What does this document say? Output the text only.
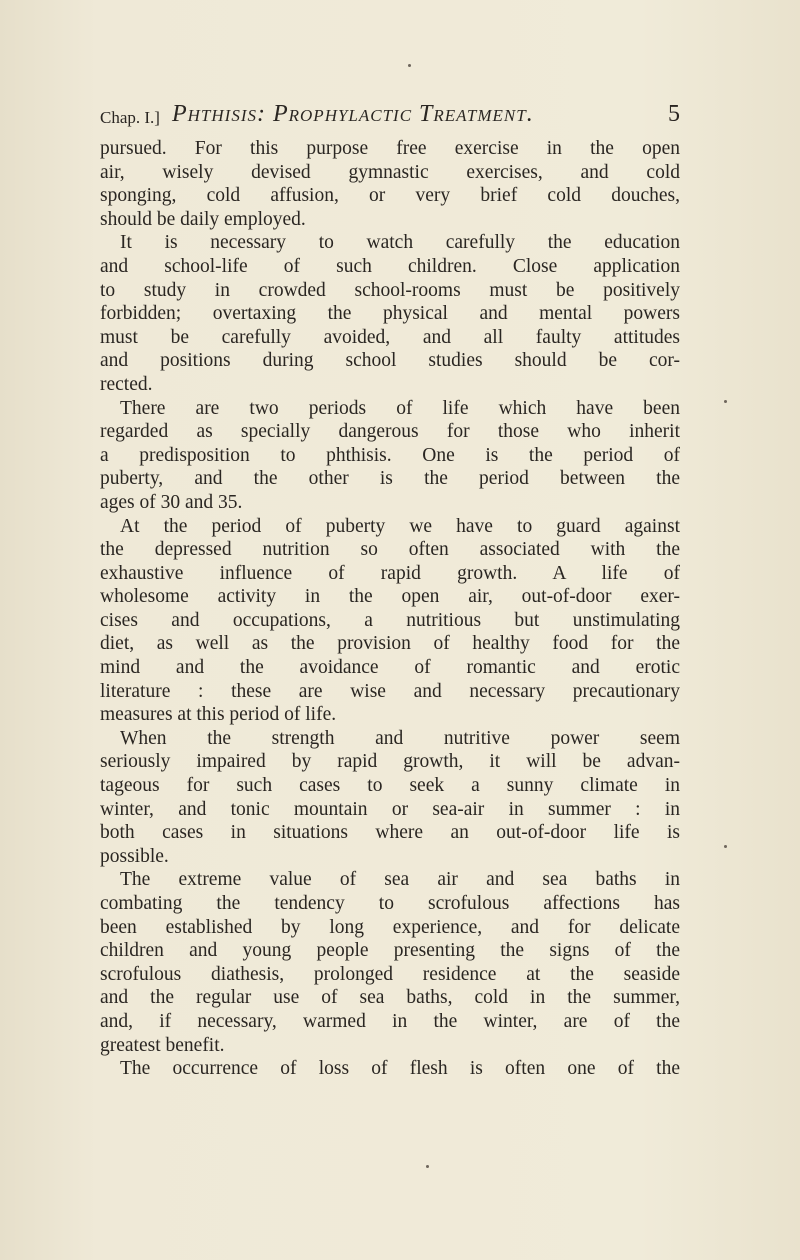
Chap. I.] Phthisis: Prophylactic Treatment.	5
pursued. For this purpose free exercise in the open
air, wisely devised gymnastic exercises, and cold
sponging, cold affusion, or very brief cold douches,
should be daily employed.
It is necessary to watch carefully the education
and school-life of such children. Close application
to study in crowded school-rooms must be positively
forbidden; overtaxing the physical and mental powers
must be carefully avoided, and all faulty attitudes
and positions during school studies should be cor-
rected.
There are two periods of life which have been
regarded as specially dangerous for those who inherit
a predisposition to phthisis. One is the period of
puberty, and the other is the period between the
ages of 30 and 35.
At the period of puberty we have to guard against
the depressed nutrition so often associated with the
exhaustive influence of rapid growth. A life of
wholesome activity in the open air, out-of-door exer-
cises and occupations, a nutritious but unstimulating
diet, as well as the provision of healthy food for the
mind and the avoidance of romantic and erotic
literature : these are wise and necessary precautionary
measures at this period of life.
When the strength and nutritive power seem
seriously impaired by rapid growth, it will be advan-
tageous for such cases to seek a sunny climate in
winter, and tonic mountain or sea-air in summer : in
both cases in situations where an out-of-door life is
possible.
The extreme value of sea air and sea baths in
combating the tendency to scrofulous affections has
been established by long experience, and for delicate
children and young people presenting the signs of the
scrofulous diathesis, prolonged residence at the seaside
and the regular use of sea baths, cold in the summer,
and, if necessary, warmed in the winter, are of the
greatest benefit.
The occurrence of loss of flesh is often one of the
